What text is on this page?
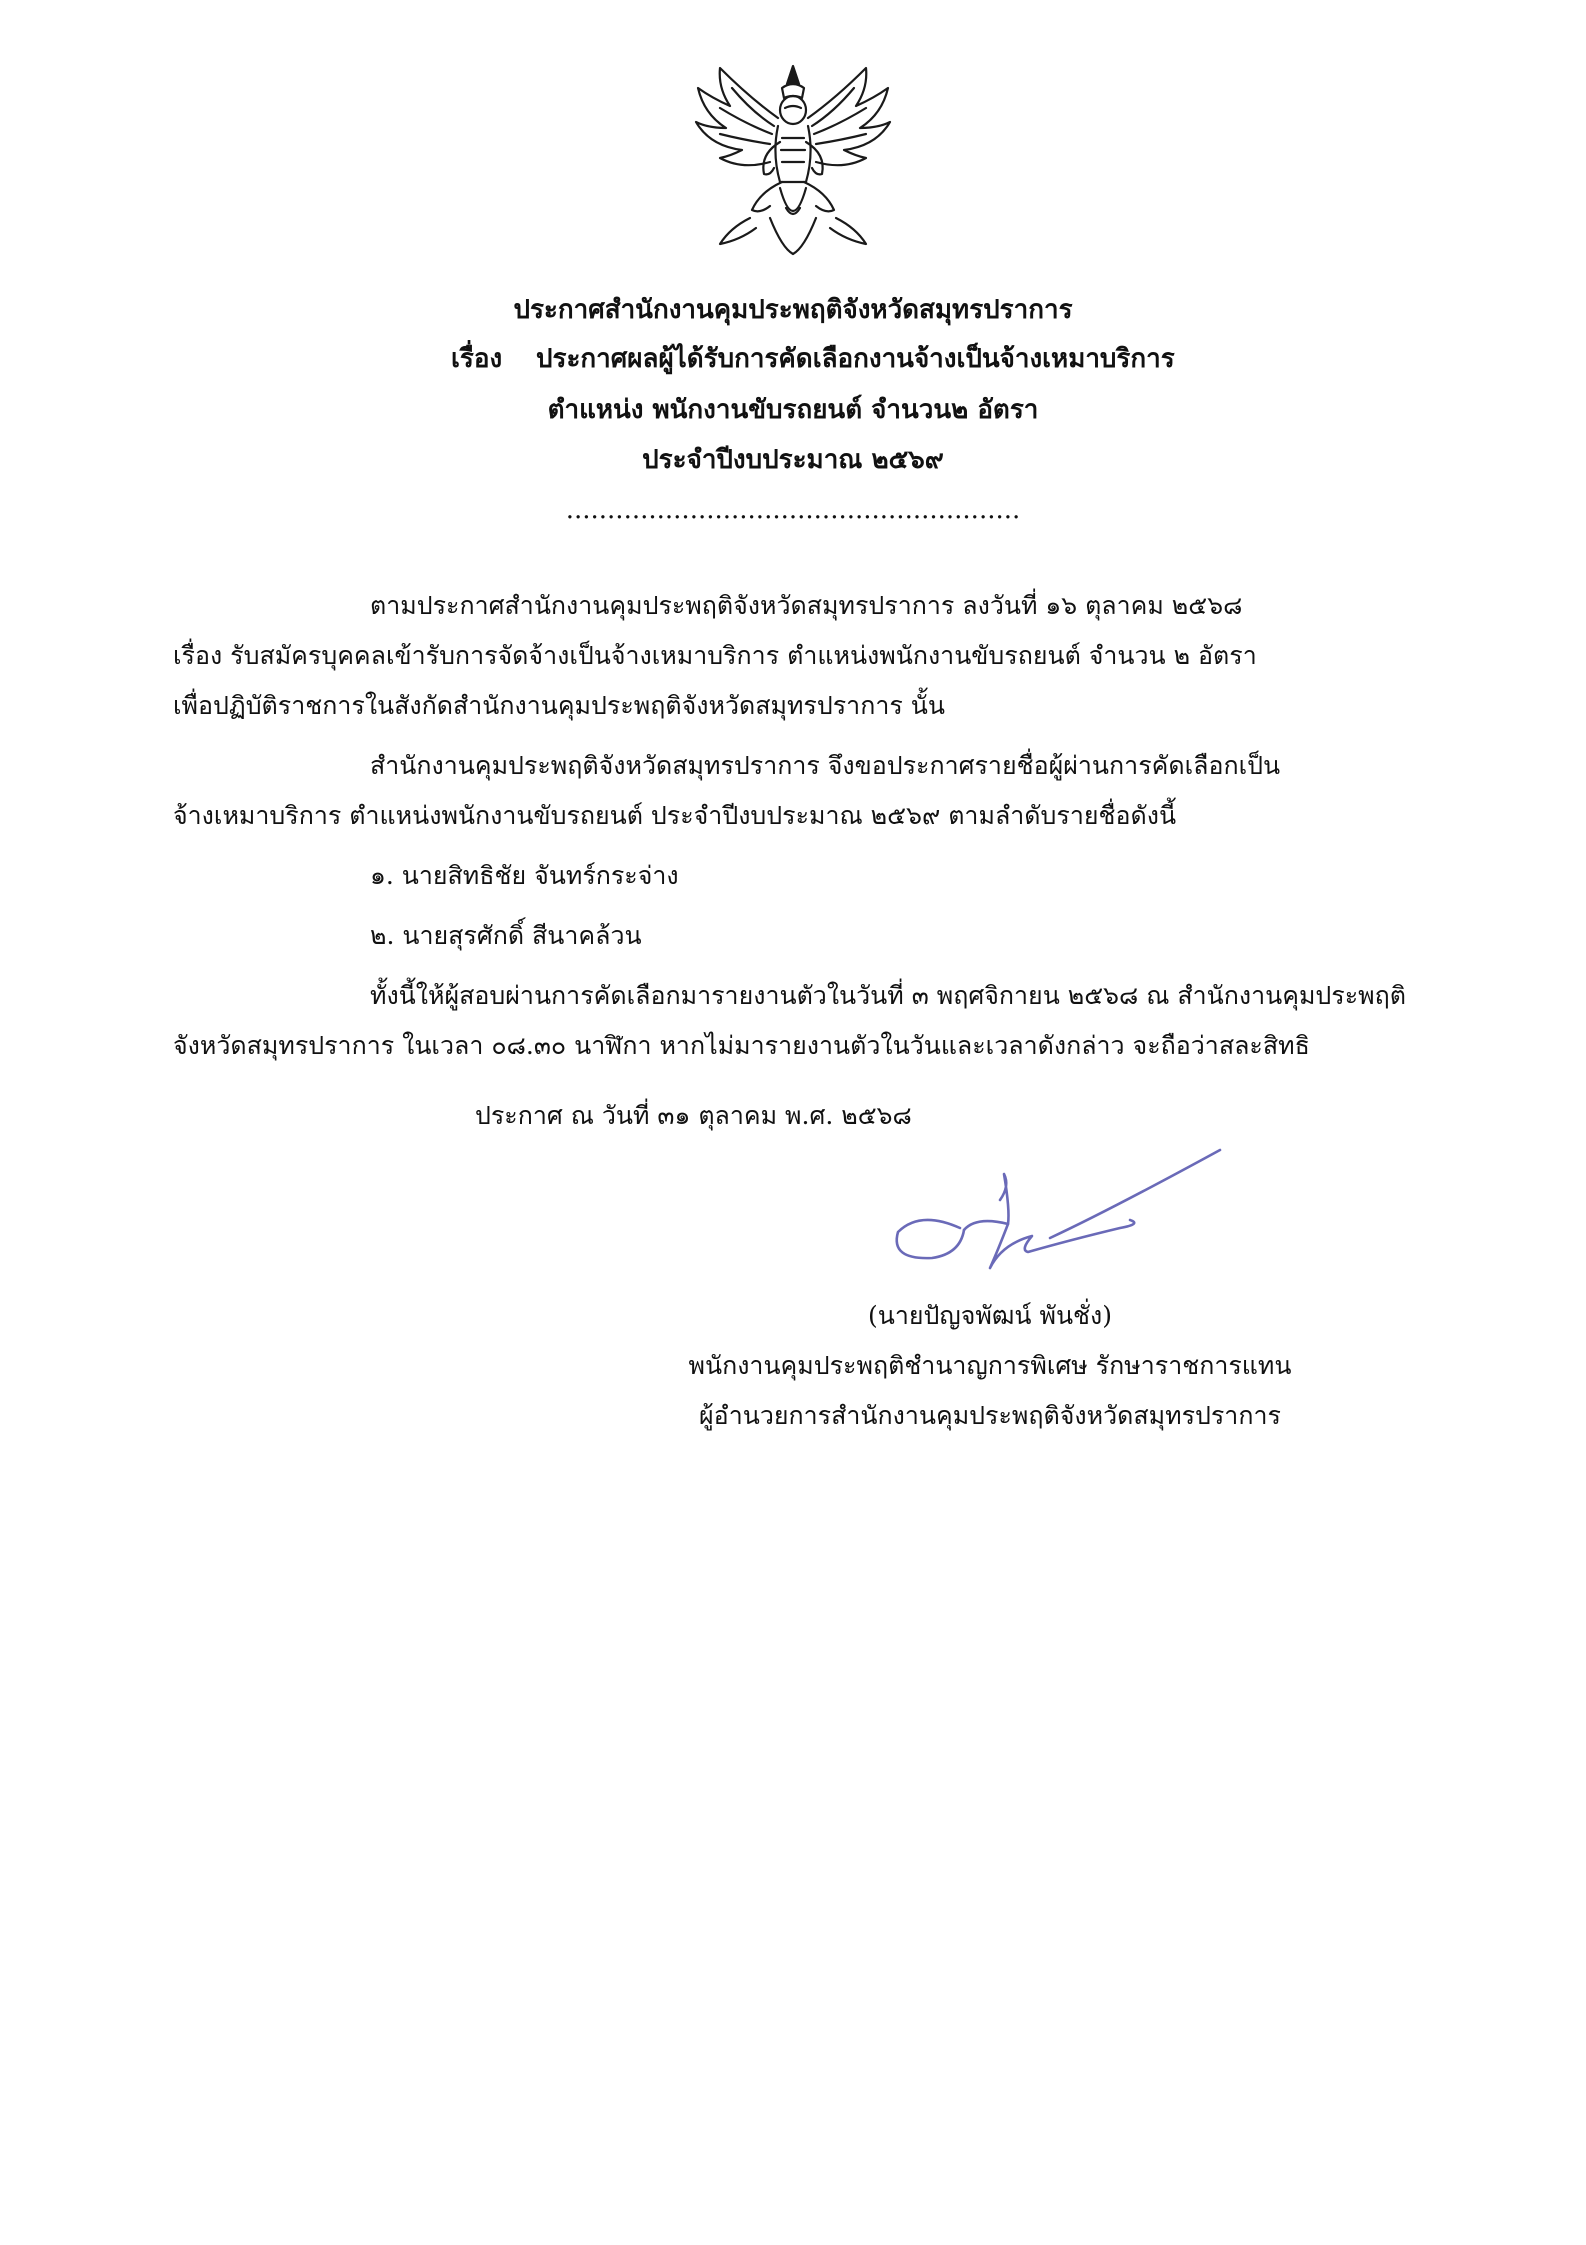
ประกาศสำนักงานคุมประพฤติจังหวัดสมุทรปราการ
เรื่อง ประกาศผลผู้ได้รับการคัดเลือกงานจ้างเป็นจ้างเหมาบริการ
ตำแหน่ง พนักงานขับรถยนต์ จำนวน๒ อัตรา
ประจำปีงบประมาณ ๒๕๖๙
.......................................................
ตามประกาศสำนักงานคุมประพฤติจังหวัดสมุทรปราการ ลงวันที่ ๑๖ ตุลาคม ๒๕๖๘
เรื่อง รับสมัครบุคคลเข้ารับการจัดจ้างเป็นจ้างเหมาบริการ ตำแหน่งพนักงานขับรถยนต์ จำนวน ๒ อัตรา
เพื่อปฏิบัติราชการในสังกัดสำนักงานคุมประพฤติจังหวัดสมุทรปราการ นั้น
สำนักงานคุมประพฤติจังหวัดสมุทรปราการ จึงขอประกาศรายชื่อผู้ผ่านการคัดเลือกเป็น
จ้างเหมาบริการ ตำแหน่งพนักงานขับรถยนต์ ประจำปีงบประมาณ ๒๕๖๙ ตามลำดับรายชื่อดังนี้
๑. นายสิทธิชัย จันทร์กระจ่าง
๒. นายสุรศักดิ์ สีนาคล้วน
ทั้งนี้ให้ผู้สอบผ่านการคัดเลือกมารายงานตัวในวันที่ ๓ พฤศจิกายน ๒๕๖๘ ณ สำนักงานคุมประพฤติ
จังหวัดสมุทรปราการ ในเวลา ๐๘.๓๐ นาฬิกา หากไม่มารายงานตัวในวันและเวลาดังกล่าว จะถือว่าสละสิทธิ
ประกาศ ณ วันที่ ๓๑ ตุลาคม พ.ศ. ๒๕๖๘
(นายปัญจพัฒน์ พันชั่ง)
พนักงานคุมประพฤติชำนาญการพิเศษ รักษาราชการแทน
ผู้อำนวยการสำนักงานคุมประพฤติจังหวัดสมุทรปราการ
